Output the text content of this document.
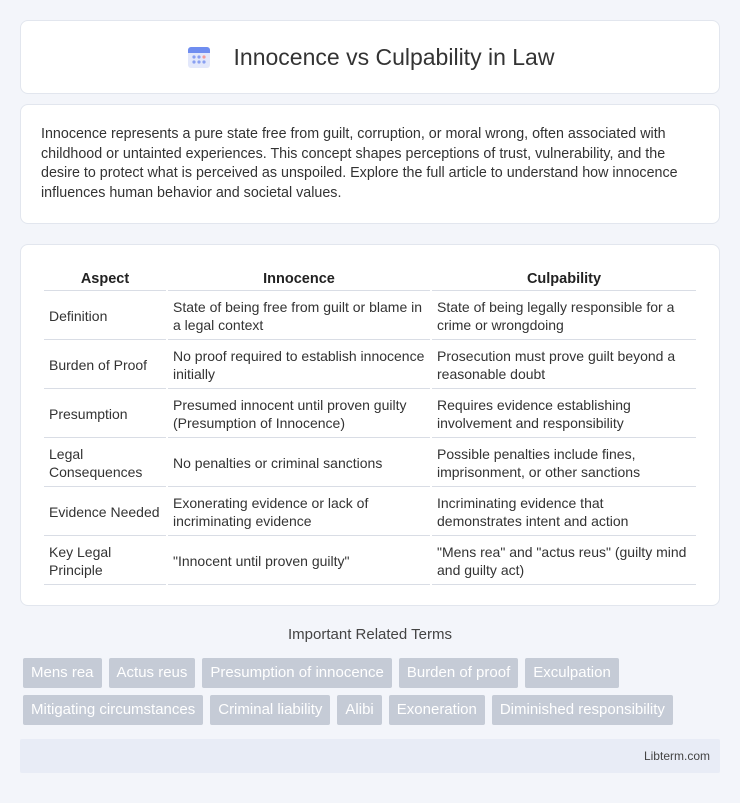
Innocence vs Culpability in Law

Innocence represents a pure state free from guilt, corruption, or moral wrong, often associated with childhood or untainted experiences. This concept shapes perceptions of trust, vulnerability, and the desire to protect what is perceived as unspoiled. Explore the full article to understand how innocence influences human behavior and societal values.

Aspect	Innocence	Culpability
Definition	State of being free from guilt or blame in a legal context	State of being legally responsible for a crime or wrongdoing
Burden of Proof	No proof required to establish innocence initially	Prosecution must prove guilt beyond a reasonable doubt
Presumption	Presumed innocent until proven guilty (Presumption of Innocence)	Requires evidence establishing involvement and responsibility
Legal Consequences	No penalties or criminal sanctions	Possible penalties include fines, imprisonment, or other sanctions
Evidence Needed	Exonerating evidence or lack of incriminating evidence	Incriminating evidence that demonstrates intent and action
Key Legal Principle	"Innocent until proven guilty"	"Mens rea" and "actus reus" (guilty mind and guilty act)
Important Related Terms
Mens rea	Actus reus	Presumption of innocence	Burden of proof	Exculpation
Mitigating circumstances	Criminal liability	Alibi	Exoneration	Diminished responsibility
Libterm.com
